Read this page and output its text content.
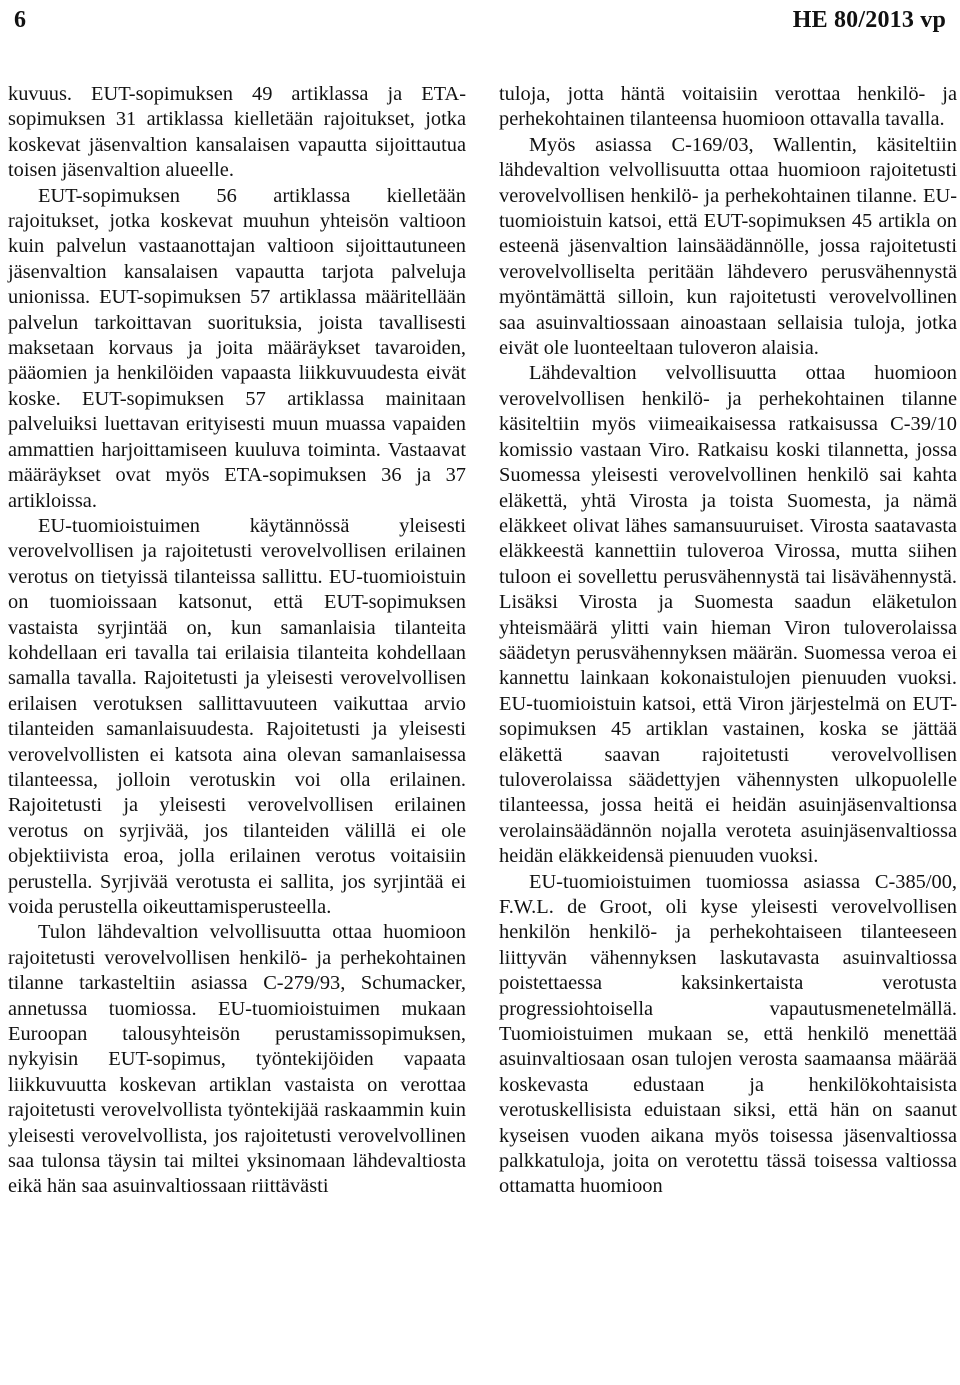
6	HE 80/2013 vp

kuvuus. EUT-sopimuksen 49 artiklassa ja ETA-sopimuksen 31 artiklassa kielletään rajoitukset, jotka koskevat jäsenvaltion kansalaisen vapautta sijoittautua toisen jäsenvaltion alueelle.

EUT-sopimuksen 56 artiklassa kielletään rajoitukset, jotka koskevat muuhun yhteisön valtioon kuin palvelun vastaanottajan valtioon sijoittautuneen jäsenvaltion kansalaisen vapautta tarjota palveluja unionissa. EUT-sopimuksen 57 artiklassa määritellään palvelun tarkoittavan suorituksia, joista tavallisesti maksetaan korvaus ja joita määräykset tavaroiden, pääomien ja henkilöiden vapaasta liikkuvuudesta eivät koske. EUT-sopimuksen 57 artiklassa mainitaan palveluiksi luettavan erityisesti muun muassa vapaiden ammattien harjoittamiseen kuuluva toiminta. Vastaavat määräykset ovat myös ETA-sopimuksen 36 ja 37 artikloissa.

EU-tuomioistuimen käytännössä yleisesti verovelvollisen ja rajoitetusti verovelvollisen erilainen verotus on tietyissä tilanteissa sallittu. EU-tuomioistuin on tuomioissaan katsonut, että EUT-sopimuksen vastaista syrjintää on, kun samanlaisia tilanteita kohdellaan eri tavalla tai erilaisia tilanteita kohdellaan samalla tavalla. Rajoitetusti ja yleisesti verovelvollisen erilaisen verotuksen sallittavuuteen vaikuttaa arvio tilanteiden samanlaisuudesta. Rajoitetusti ja yleisesti verovelvollisten ei katsota aina olevan samanlaisessa tilanteessa, jolloin verotuskin voi olla erilainen. Rajoitetusti ja yleisesti verovelvollisen erilainen verotus on syrjivää, jos tilanteiden välillä ei ole objektiivista eroa, jolla erilainen verotus voitaisiin perustella. Syrjivää verotusta ei sallita, jos syrjintää ei voida perustella oikeuttamisperusteella.

Tulon lähdevaltion velvollisuutta ottaa huomioon rajoitetusti verovelvollisen henkilö- ja perhekohtainen tilanne tarkasteltiin asiassa C-279/93, Schumacker, annetussa tuomiossa. EU-tuomioistuimen mukaan Euroopan talousyhteisön perustamissopimuksen, nykyisin EUT-sopimus, työntekijöiden vapaata liikkuvuutta koskevan artiklan vastaista on verottaa rajoitetusti verovelvollista työntekijää raskaammin kuin yleisesti verovelvollista, jos rajoitetusti verovelvollinen saa tulonsa täysin tai miltei yksinomaan lähdevaltiosta eikä hän saa asuinvaltiossaan riittävästi

tuloja, jotta häntä voitaisiin verottaa henkilö- ja perhekohtainen tilanteensa huomioon ottavalla tavalla.

Myös asiassa C-169/03, Wallentin, käsiteltiin lähdevaltion velvollisuutta ottaa huomioon rajoitetusti verovelvollisen henkilö- ja perhekohtainen tilanne. EU-tuomioistuin katsoi, että EUT-sopimuksen 45 artikla on esteenä jäsenvaltion lainsäädännölle, jossa rajoitetusti verovelvolliselta peritään lähdevero perusvähennystä myöntämättä silloin, kun rajoitetusti verovelvollinen saa asuinvaltiossaan ainoastaan sellaisia tuloja, jotka eivät ole luonteeltaan tuloveron alaisia.

Lähdevaltion velvollisuutta ottaa huomioon verovelvollisen henkilö- ja perhekohtainen tilanne käsiteltiin myös viimeaikaisessa ratkaisussa C-39/10 komissio vastaan Viro. Ratkaisu koski tilannetta, jossa Suomessa yleisesti verovelvollinen henkilö sai kahta eläkettä, yhtä Virosta ja toista Suomesta, ja nämä eläkkeet olivat lähes samansuuruiset. Virosta saatavasta eläkkeestä kannettiin tuloveroa Virossa, mutta siihen tuloon ei sovellettu perusvähennystä tai lisävähennystä. Lisäksi Virosta ja Suomesta saadun eläketulon yhteismäärä ylitti vain hieman Viron tuloverolaissa säädetyn perusvähennyksen määrän. Suomessa veroa ei kannettu lainkaan kokonaistulojen pienuuden vuoksi. EU-tuomioistuin katsoi, että Viron järjestelmä on EUT-sopimuksen 45 artiklan vastainen, koska se jättää eläkettä saavan rajoitetusti verovelvollisen tuloverolaissa säädettyjen vähennysten ulkopuolelle tilanteessa, jossa heitä ei heidän asuinjäsenvaltionsa verolainsäädännön nojalla veroteta asuinjäsenvaltiossa heidän eläkkeidensä pienuuden vuoksi.

EU-tuomioistuimen tuomiossa asiassa C-385/00, F.W.L. de Groot, oli kyse yleisesti verovelvollisen henkilön henkilö- ja perhekohtaiseen tilanteeseen liittyvän vähennyksen laskutavasta asuinvaltiossa poistettaessa kaksinkertaista verotusta progressiohtoisella vapautusmenetelmällä. Tuomioistuimen mukaan se, että henkilö menettää asuinvaltiosaan osan tulojen verosta saamaansa määrää koskevasta edustaan ja henkilökohtaisista verotuskellisista eduistaan siksi, että hän on saanut kyseisen vuoden aikana myös toisessa jäsenvaltiossa palkkatuloja, joita on verotettu tässä toisessa valtiossa ottamatta huomioon
